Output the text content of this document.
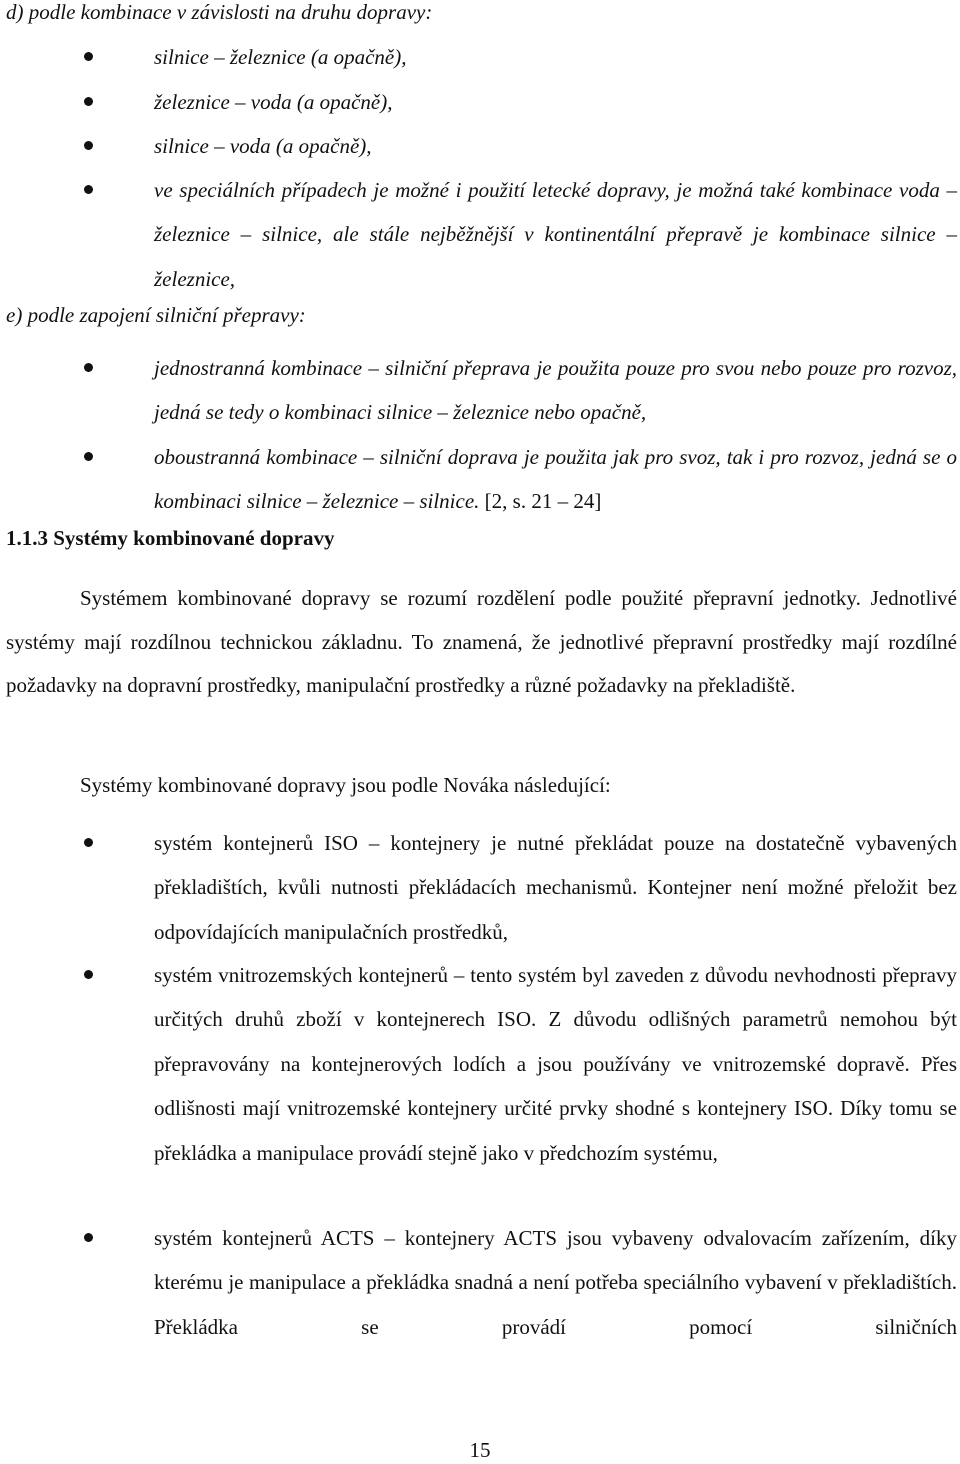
d) podle kombinace v závislosti na druhu dopravy:
silnice – železnice (a opačně),
železnice – voda (a opačně),
silnice – voda (a opačně),
ve speciálních případech je možné i použití letecké dopravy, je možná také kombinace voda – železnice – silnice, ale stále nejběžnější v kontinentální přepravě je kombinace silnice – železnice,
e) podle zapojení silniční přepravy:
jednostranná kombinace – silniční přeprava je použita pouze pro svou nebo pouze pro rozvoz, jedná se tedy o kombinaci silnice – železnice nebo opačně,
oboustranná kombinace – silniční doprava je použita jak pro svoz, tak i pro rozvoz, jedná se o kombinaci silnice – železnice – silnice. [2, s. 21 – 24]
1.1.3 Systémy kombinované dopravy
Systémem kombinované dopravy se rozumí rozdělení podle použité přepravní jednotky. Jednotlivé systémy mají rozdílnou technickou základnu. To znamená, že jednotlivé přepravní prostředky mají rozdílné požadavky na dopravní prostředky, manipulační prostředky a různé požadavky na překladiště.
Systémy kombinované dopravy jsou podle Nováka následující:
systém kontejnerů ISO – kontejnery je nutné překládat pouze na dostatečně vybavených překladištích, kvůli nutnosti překládacích mechanismů. Kontejner není možné přeložit bez odpovídajících manipulačních prostředků,
systém vnitrozemských kontejnerů – tento systém byl zaveden z důvodu nevhodnosti přepravy určitých druhů zboží v kontejnerech ISO. Z důvodu odlišných parametrů nemohou být přepravovány na kontejnerových lodích a jsou používány ve vnitrozemské dopravě. Přes odlišnosti mají vnitrozemské kontejnery určité prvky shodné s kontejnery ISO. Díky tomu se překládka a manipulace provádí stejně jako v předchozím systému,
systém kontejnerů ACTS – kontejnery ACTS jsou vybaveny odvalovacím zařízením, díky kterému je manipulace a překládka snadná a není potřeba speciálního vybavení v překladištích. Překládka se provádí pomocí silničních
15
